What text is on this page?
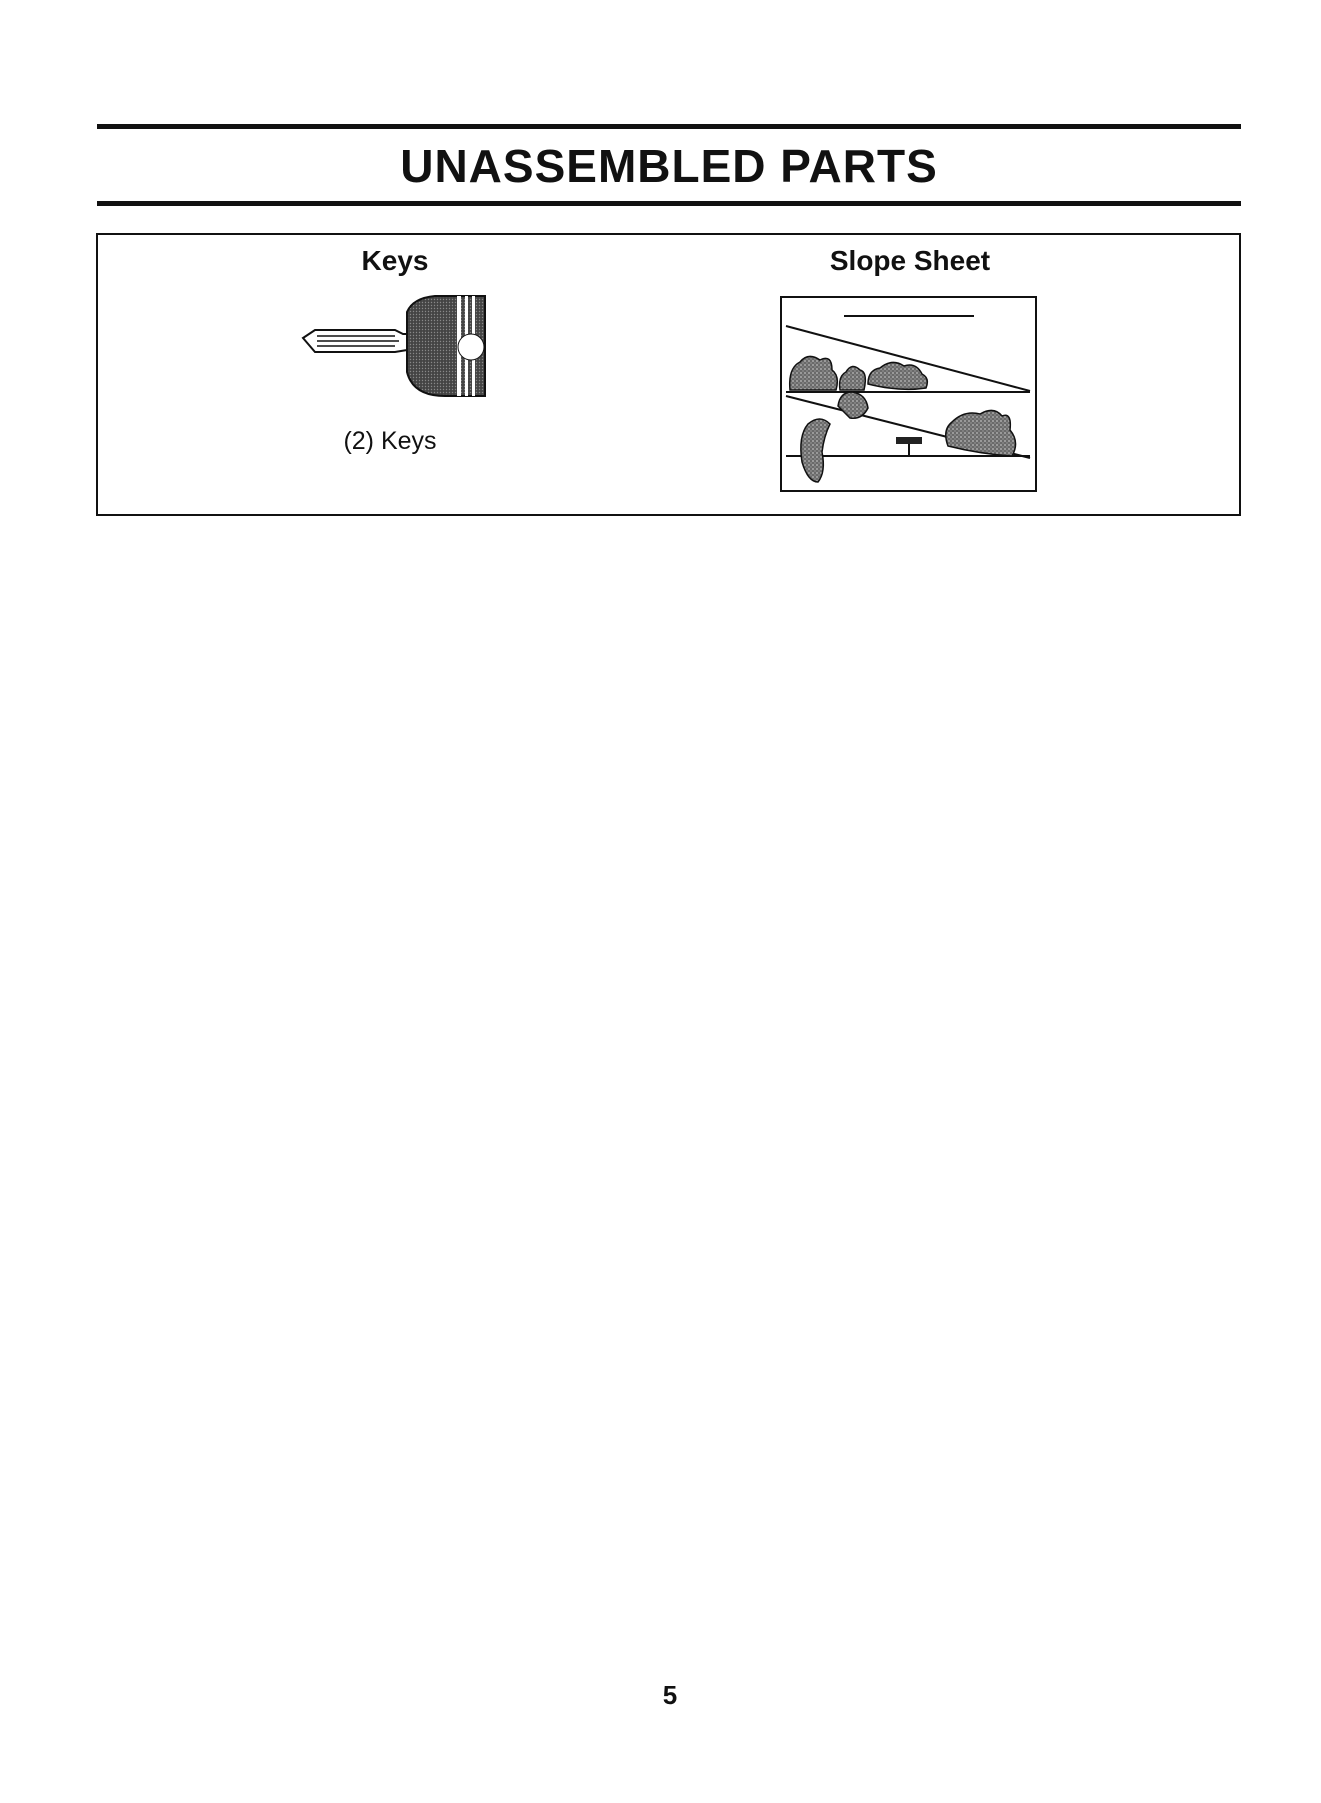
UNASSEMBLED PARTS
Keys
(2) Keys
Slope Sheet
5
